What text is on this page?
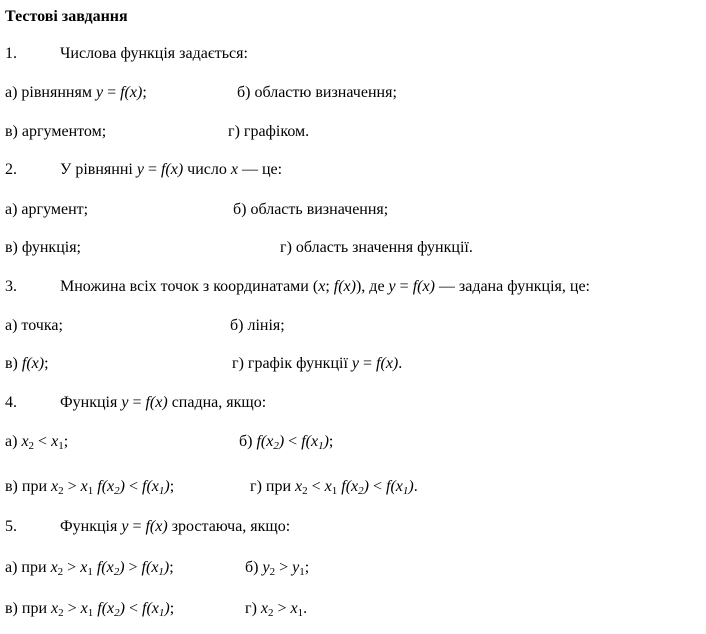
Тестові завдання
1.	Числова функція задається:
а) рівнянням y = f(x);	б) областю визначення;
в) аргументом;	г) графіком.
2.	У рівнянні y = f(x) число x — це:
а) аргумент;	б) область визначення;
в) функція;	г) область значення функції.
3.	Множина всіх точок з координатами (x; f(x)), де y = f(x) — задана функція, це:
а) точка;	б) лінія;
в) f(x);	г) графік функції y = f(x).
4.	Функція y = f(x) спадна, якщо:
а) $x_2 < x_1$;	б) $f(x_2) < f(x_1)$;
в) при $x_2 > x_1$ $f(x_2) < f(x_1)$;	г) при $x_2 < x_1$ $f(x_2) < f(x_1)$.
5.	Функція y = f(x) зростаюча, якщо:
а) при $x_2 > x_1$ $f(x_2) > f(x_1)$;	б) $y_2 > y_1$;
в) при $x_2 > x_1$ $f(x_2) < f(x_1)$;	г) $x_2 > x_1$.
